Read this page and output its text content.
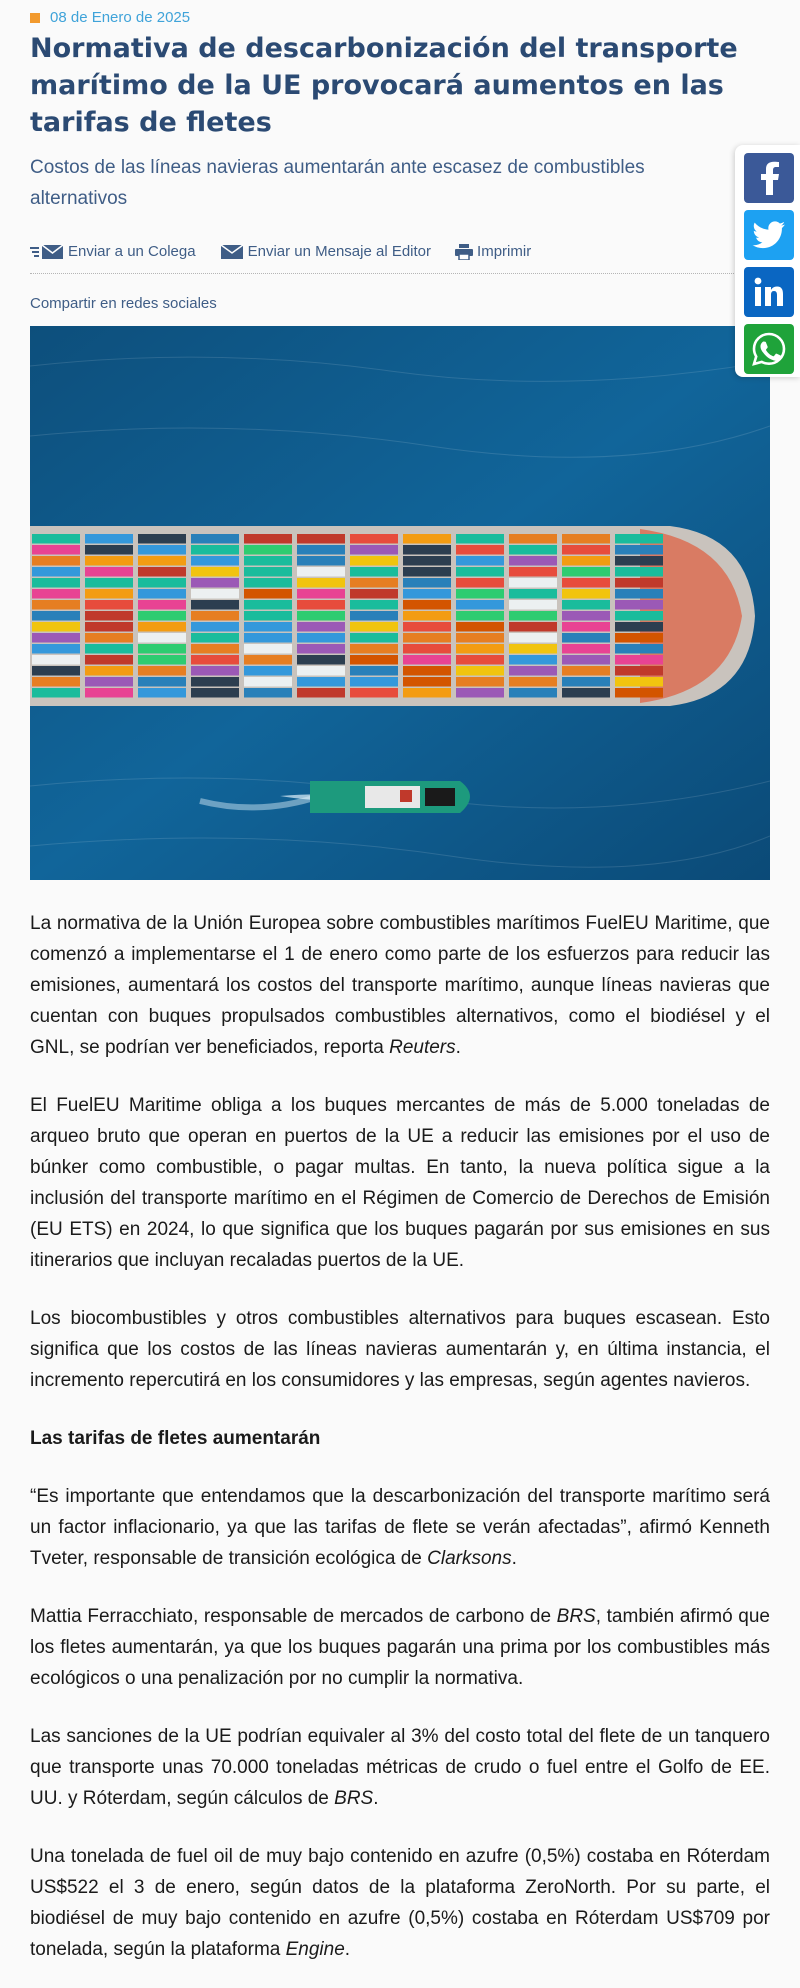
08 de Enero de 2025
Normativa de descarbonización del transporte marítimo de la UE provocará aumentos en las tarifas de fletes
Costos de las líneas navieras aumentarán ante escasez de combustibles alternativos
Enviar a un Colega	Enviar un Mensaje al Editor	Imprimir
Compartir en redes sociales

La normativa de la Unión Europea sobre combustibles marítimos FuelEU Maritime, que comenzó a implementarse el 1 de enero como parte de los esfuerzos para reducir las emisiones, aumentará los costos del transporte marítimo, aunque líneas navieras que cuentan con buques propulsados combustibles alternativos, como el biodiésel y el GNL, se podrían ver beneficiados, reporta Reuters.

El FuelEU Maritime obliga a los buques mercantes de más de 5.000 toneladas de arqueo bruto que operan en puertos de la UE a reducir las emisiones por el uso de búnker como combustible, o pagar multas. En tanto, la nueva política sigue a la inclusión del transporte marítimo en el Régimen de Comercio de Derechos de Emisión (EU ETS) en 2024, lo que significa que los buques pagarán por sus emisiones en sus itinerarios que incluyan recaladas puertos de la UE.

Los biocombustibles y otros combustibles alternativos para buques escasean. Esto significa que los costos de las líneas navieras aumentarán y, en última instancia, el incremento repercutirá en los consumidores y las empresas, según agentes navieros.

Las tarifas de fletes aumentarán

“Es importante que entendamos que la descarbonización del transporte marítimo será un factor inflacionario, ya que las tarifas de flete se verán afectadas”, afirmó Kenneth Tveter, responsable de transición ecológica de Clarksons.

Mattia Ferracchiato, responsable de mercados de carbono de BRS, también afirmó que los fletes aumentarán, ya que los buques pagarán una prima por los combustibles más ecológicos o una penalización por no cumplir la normativa.

Las sanciones de la UE podrían equivaler al 3% del costo total del flete de un tanquero que transporte unas 70.000 toneladas métricas de crudo o fuel entre el Golfo de EE. UU. y Róterdam, según cálculos de BRS.

Una tonelada de fuel oil de muy bajo contenido en azufre (0,5%) costaba en Róterdam US$522 el 3 de enero, según datos de la plataforma ZeroNorth. Por su parte, el biodiésel de muy bajo contenido en azufre (0,5%) costaba en Róterdam US$709 por tonelada, según la plataforma Engine.
